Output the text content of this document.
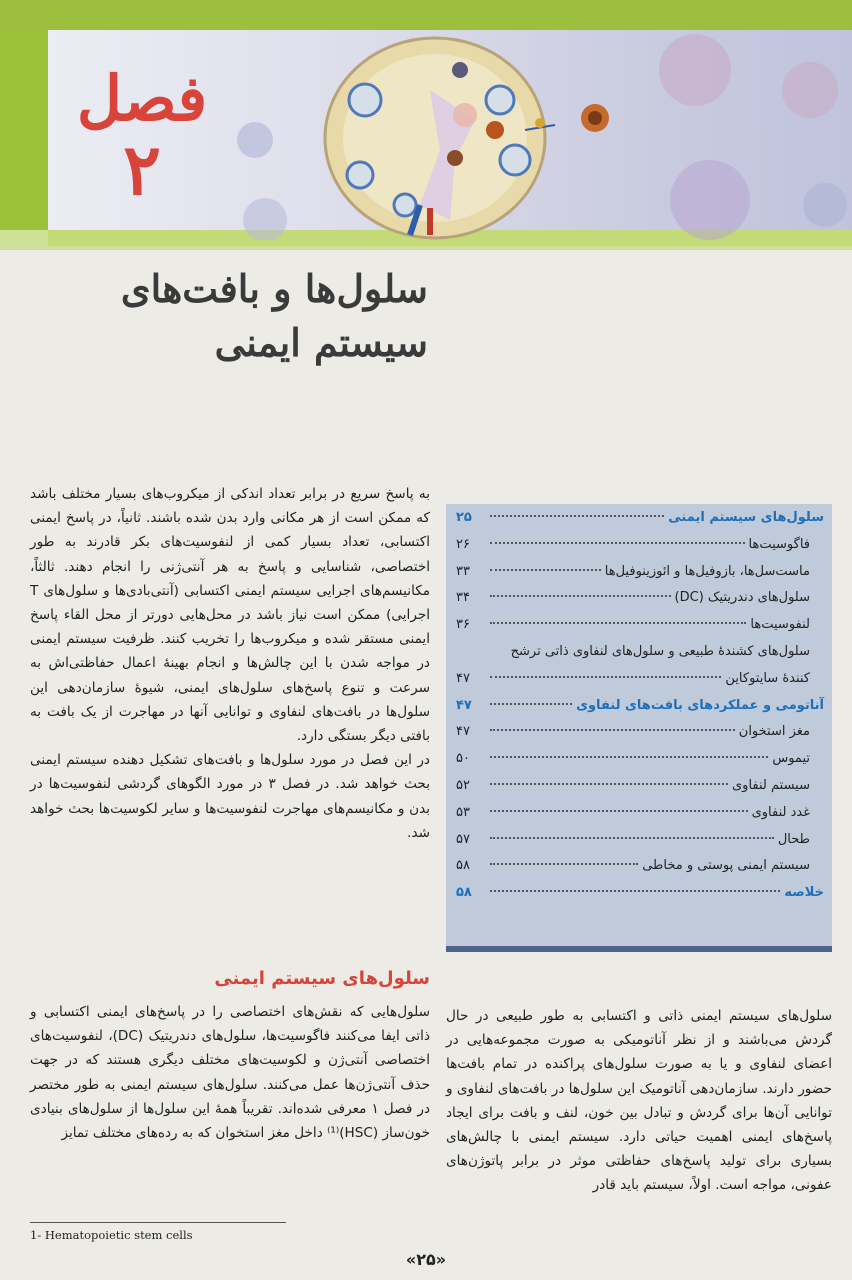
فصل
۲
سلول‌ها و بافت‌های
سیستم ایمنی
سلول‌های سیستم ایمنی
۲۵
فاگوسیت‌ها
۲۶
ماست‌سل‌ها، بازوفیل‌ها و ائوزینوفیل‌ها
۳۳
سلول‌های دندریتیک (DC)
۳۴
لنفوسیت‌ها
۳۶
سلول‌های کشندهٔ طبیعی و سلول‌های لنفاوی ذاتی ترشح
کنندهٔ سایتوکاین
۴۷
آناتومی و عملکردهای بافت‌های لنفاوی
۴۷
مغز استخوان
۴۷
تیموس
۵۰
سیستم لنفاوی
۵۲
غدد لنفاوی
۵۳
طحال
۵۷
سیستم ایمنی پوستی و مخاطی
۵۸
خلاصه
۵۸

به پاسخ سریع در برابر تعداد اندکی از میکروب‌های بسیار مختلف باشد که ممکن است از هر مکانی وارد بدن شده باشند. ثانیاً، در پاسخ ایمنی اکتسابی، تعداد بسیار کمی از لنفوسیت‌های بکر قادرند به طور اختصاصی، شناسایی و پاسخ به هر آنتی‌ژنی را انجام دهند. ثالثاً، مکانیسم‌های اجرایی سیستم ایمنی اکتسابی (آنتی‌بادی‌ها و سلول‌های T اجرایی) ممکن است نیاز باشد در محل‌هایی دورتر از محل القاء پاسخ ایمنی مستقر شده و میکروب‌ها را تخریب کنند. ظرفیت سیستم ایمنی در مواجه شدن با این چالش‌ها و انجام بهینهٔ اعمال حفاظتی‌اش به سرعت و تنوع پاسخ‌های سلول‌های ایمنی، شیوهٔ سازمان‌دهی این سلول‌ها در بافت‌های لنفاوی و توانایی آنها در مهاجرت از یک بافت به بافتی دیگر بستگی دارد.

در این فصل در مورد سلول‌ها و بافت‌های تشکیل دهنده سیستم ایمنی بحث خواهد شد. در فصل ۳ در مورد الگوهای گردشی لنفوسیت‌ها در بدن و مکانیسم‌های مهاجرت لنفوسیت‌ها و سایر لکوسیت‌ها بحث خواهد شد.

سلول‌های سیستم ایمنی

سلول‌هایی که نقش‌های اختصاصی را در پاسخ‌های ایمنی اکتسابی و ذاتی ایفا می‌کنند فاگوسیت‌ها، سلول‌های دندریتیک (DC)، لنفوسیت‌های اختصاصی آنتی‌ژن و لکوسیت‌های مختلف دیگری هستند که در جهت حذف آنتی‌ژن‌ها عمل می‌کنند. سلول‌های سیستم ایمنی به طور مختصر در فصل ۱ معرفی شده‌اند. تقریباً همهٔ این سلول‌ها از سلول‌های بنیادی خون‌ساز (HSC)⁽¹⁾ داخل مغز استخوان که به رده‌های مختلف تمایز

سلول‌های سیستم ایمنی ذاتی و اکتسابی به طور طبیعی در حال گردش می‌باشند و از نظر آناتومیکی به صورت مجموعه‌هایی در اعضای لنفاوی و یا به صورت سلول‌های پراکنده در تمام بافت‌ها حضور دارند. سازمان‌دهی آناتومیک این سلول‌ها در بافت‌های لنفاوی و توانایی آن‌ها برای گردش و تبادل بین خون، لنف و بافت برای ایجاد پاسخ‌های ایمنی اهمیت حیاتی دارد. سیستم ایمنی با چالش‌های بسیاری برای تولید پاسخ‌های حفاظتی موثر در برابر پاتوژن‌های عفونی، مواجه است. اولاً، سیستم باید قادر

1- Hematopoietic stem cells
«۲۵»
